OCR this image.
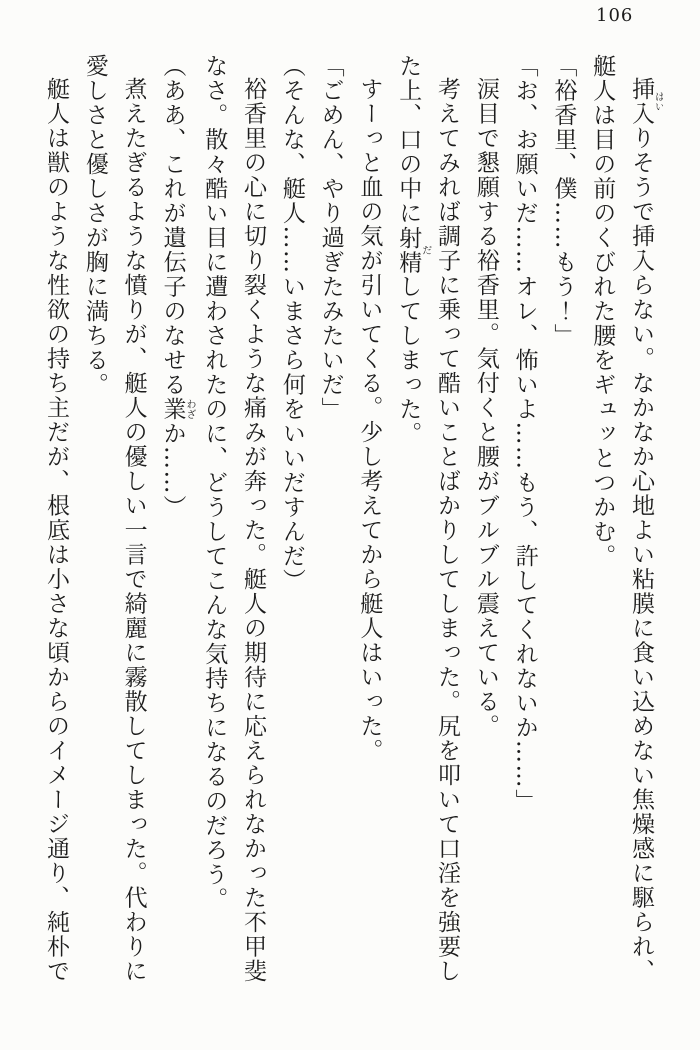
106

挿入はいりそうで挿入らない。なかなか心地よい粘膜に食い込めない焦燥感に駆られ、艇人は目の前のくびれた腰をギュッとつかむ。

「裕香里、僕……もう！」

「お、お願いだ……オレ、怖いよ……もう、許してくれないか……」

涙目で懇願する裕香里。気付くと腰がブルブル震えている。

考えてみれば調子に乗って酷いことばかりしてしまった。尻を叩いて口淫を強要した上、口の中に射精だしてしまった。

すーっと血の気が引いてくる。少し考えてから艇人はいった。

「ごめん、やり過ぎたみたいだ」

（そんな、艇人……いまさら何をいいだすんだ）

裕香里の心に切り裂くような痛みが奔った。艇人の期待に応えられなかった不甲斐なさ。散々酷い目に遭わされたのに、どうしてこんな気持ちになるのだろう。

（ああ、これが遺伝子のなせる業わざか……）

煮えたぎるような憤りが、艇人の優しい一言で綺麗に霧散してしまった。代わりに愛しさと優しさが胸に満ちる。

艇人は獣のような性欲の持ち主だが、根底は小さな頃からのイメージ通り、純朴で
